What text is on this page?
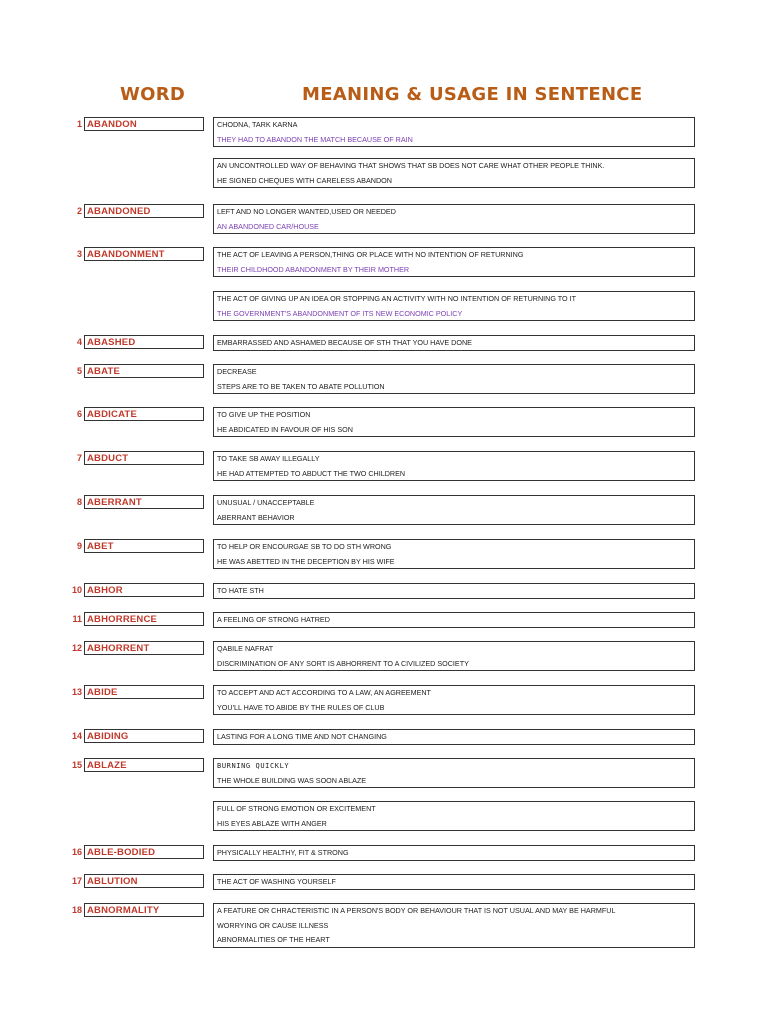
WORD	MEANING & USAGE IN SENTENCE
1 ABANDON	CHODNA, TARK KARNA
THEY HAD TO ABANDON THE MATCH BECAUSE OF RAIN
AN UNCONTROLLED WAY OF BEHAVING THAT SHOWS THAT SB DOES NOT CARE WHAT OTHER PEOPLE THINK.
HE SIGNED CHEQUES WITH CARELESS ABANDON
2 ABANDONED	LEFT AND NO LONGER WANTED,USED OR NEEDED
AN ABANDONED CAR/HOUSE
3 ABANDONMENT	THE ACT OF LEAVING A PERSON,THING OR PLACE WITH NO INTENTION OF RETURNING
THEIR CHILDHOOD ABANDONMENT BY THEIR MOTHER
THE ACT OF GIVING UP AN IDEA OR STOPPING AN ACTIVITY WITH NO INTENTION OF RETURNING TO IT
THE GOVERNMENT'S ABANDONMENT OF ITS NEW ECONOMIC POLICY
4 ABASHED	EMBARRASSED AND ASHAMED BECAUSE OF STH THAT YOU HAVE DONE
5 ABATE	DECREASE
STEPS ARE TO BE TAKEN TO ABATE POLLUTION
6 ABDICATE	TO GIVE UP THE POSITION
HE ABDICATED IN FAVOUR OF HIS SON
7 ABDUCT	TO TAKE SB AWAY ILLEGALLY
HE HAD ATTEMPTED TO ABDUCT THE TWO CHILDREN
8 ABERRANT	UNUSUAL / UNACCEPTABLE
ABERRANT BEHAVIOR
9 ABET	TO HELP OR ENCOURGAE SB TO DO STH WRONG
HE WAS ABETTED IN THE DECEPTION BY HIS WIFE
10 ABHOR	TO HATE STH
11 ABHORRENCE	A FEELING OF STRONG HATRED
12 ABHORRENT	QABILE NAFRAT
DISCRIMINATION OF ANY SORT IS ABHORRENT TO A CIVILIZED SOCIETY
13 ABIDE	TO ACCEPT AND ACT ACCORDING TO A LAW, AN AGREEMENT
YOU'LL HAVE TO ABIDE BY THE RULES OF CLUB
14 ABIDING	LASTING FOR A LONG TIME AND NOT CHANGING
15 ABLAZE	BURNING QUICKLY
THE WHOLE BUILDING WAS SOON ABLAZE
FULL OF STRONG EMOTION OR EXCITEMENT
HIS EYES ABLAZE WITH ANGER
16 ABLE-BODIED	PHYSICALLY HEALTHY, FIT & STRONG
17 ABLUTION	THE ACT OF WASHING YOURSELF
18 ABNORMALITY	A FEATURE OR CHRACTERISTIC IN A PERSON'S BODY OR BEHAVIOUR THAT IS NOT USUAL AND MAY BE HARMFUL
WORRYING OR CAUSE ILLNESS
ABNORMALITIES OF THE HEART
